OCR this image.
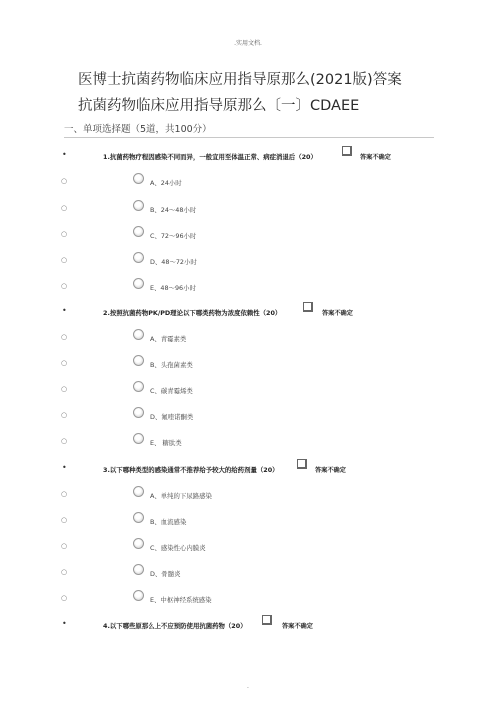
.实用文档.
医博士抗菌药物临床应用指导原那么(2021版)答案
抗菌药物临床应用指导原那么〔一〕CDAEE
一、单项选择题（5道，共100分）
•	1.抗菌药物疗程因感染不同而异，一般宜用至体温正常、病症消退后（20）	答案不确定
○	A、24小时
○	B、24～48小时
○	C、72～96小时
○	D、48～72小时
○	E、48～96小时
•	2.按照抗菌药物PK/PD理论以下哪类药物为浓度依赖性（20）	答案不确定
○	A、青霉素类
○	B、头孢菌素类
○	C、碳青霉烯类
○	D、氟喹诺酮类
○	E、 糖肽类
•	3.以下哪种类型的感染通常不推荐给予较大的给药剂量（20）	答案不确定
○	A、单纯的下尿路感染
○	B、血流感染
○	C、感染性心内膜炎
○	D、骨髓炎
○	E、中枢神经系统感染
•	4.以下哪些原那么上不应预防使用抗菌药物（20）	答案不确定
.
